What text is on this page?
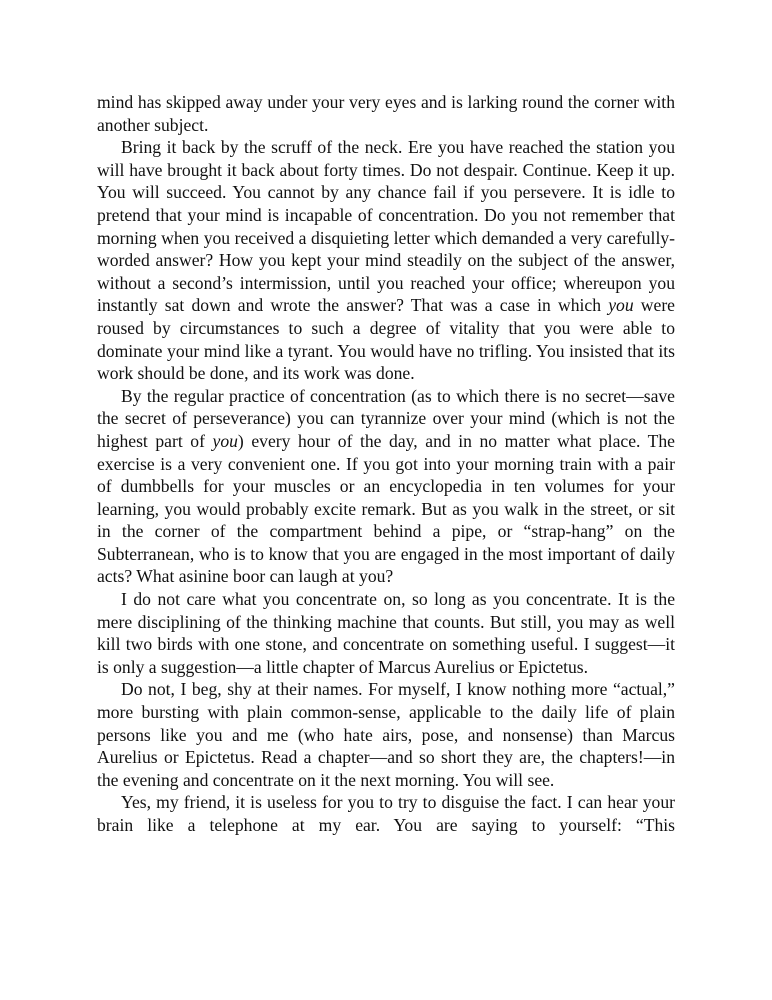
mind has skipped away under your very eyes and is larking round the corner with another subject.

Bring it back by the scruff of the neck. Ere you have reached the station you will have brought it back about forty times. Do not despair. Continue. Keep it up. You will succeed. You cannot by any chance fail if you persevere. It is idle to pretend that your mind is incapable of concentration. Do you not remember that morning when you received a disquieting letter which demanded a very carefully-worded answer? How you kept your mind steadily on the subject of the answer, without a second’s intermission, until you reached your office; whereupon you instantly sat down and wrote the answer? That was a case in which you were roused by circumstances to such a degree of vitality that you were able to dominate your mind like a tyrant. You would have no trifling. You insisted that its work should be done, and its work was done.

By the regular practice of concentration (as to which there is no secret—save the secret of perseverance) you can tyrannize over your mind (which is not the highest part of you) every hour of the day, and in no matter what place. The exercise is a very convenient one. If you got into your morning train with a pair of dumbbells for your muscles or an encyclopedia in ten volumes for your learning, you would probably excite remark. But as you walk in the street, or sit in the corner of the compartment behind a pipe, or “strap-hang” on the Subterranean, who is to know that you are engaged in the most important of daily acts? What asinine boor can laugh at you?

I do not care what you concentrate on, so long as you concentrate. It is the mere disciplining of the thinking machine that counts. But still, you may as well kill two birds with one stone, and concentrate on something useful. I suggest—it is only a suggestion—a little chapter of Marcus Aurelius or Epictetus.

Do not, I beg, shy at their names. For myself, I know nothing more “actual,” more bursting with plain common-sense, applicable to the daily life of plain persons like you and me (who hate airs, pose, and nonsense) than Marcus Aurelius or Epictetus. Read a chapter—and so short they are, the chapters!—in the evening and concentrate on it the next morning. You will see.

Yes, my friend, it is useless for you to try to disguise the fact. I can hear your brain like a telephone at my ear. You are saying to yourself: “This
